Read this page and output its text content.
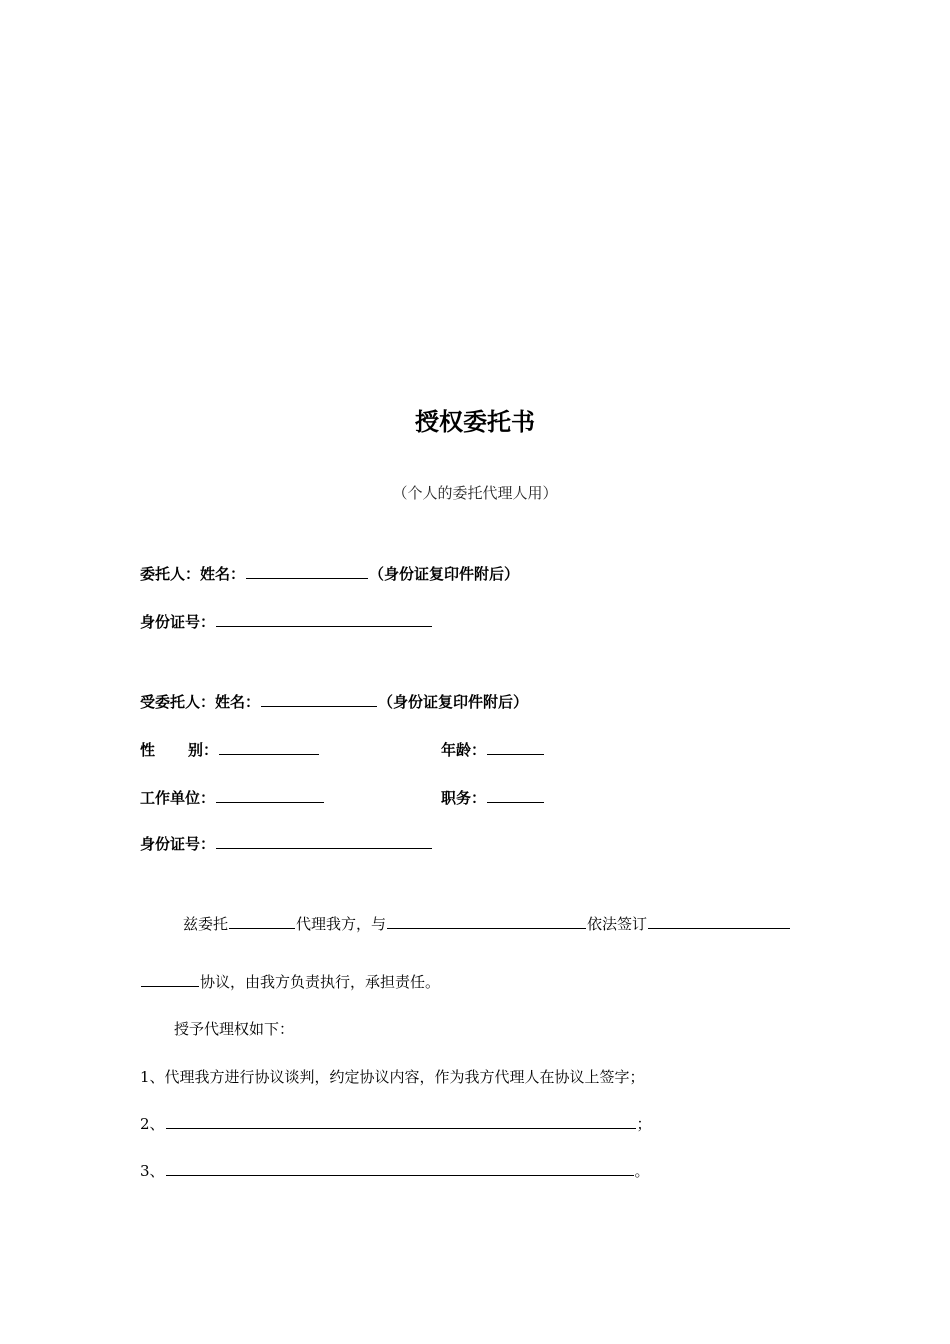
授权委托书
（个人的委托代理人用）
委托人：姓名：	（身份证复印件附后）
身份证号：
受委托人：姓名：	（身份证复印件附后）
性 别：	年龄：
工作单位：	职务：
身份证号：
兹委托	代理我方，与	依法签订
协议，由我方负责执行，承担责任。
授予代理权如下：
1、代理我方进行协议谈判，约定协议内容，作为我方代理人在协议上签字；
2、	；
3、	。
